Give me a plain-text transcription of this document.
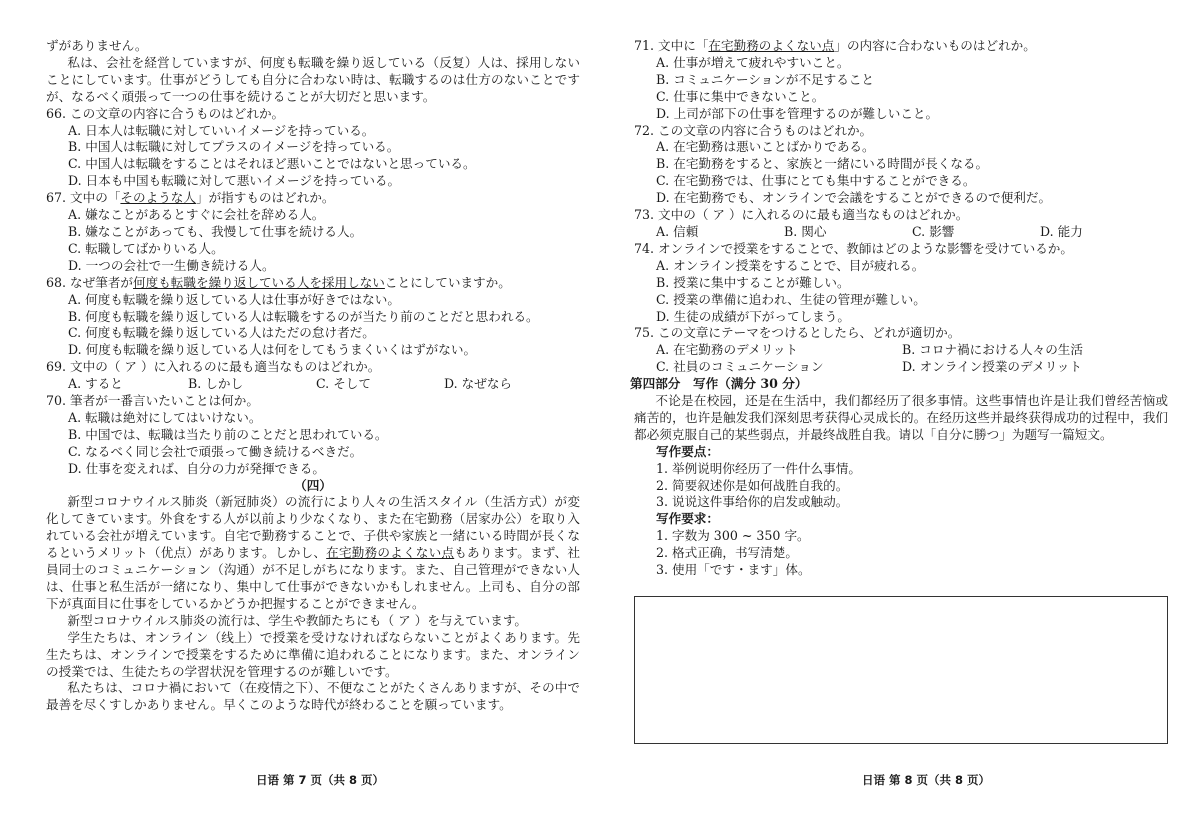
ずがありません。

私は、会社を経営していますが、何度も転職を繰り返している（反复）人は、採用しないことにしています。仕事がどうしても自分に合わない時は、転職するのは仕方のないことですが、なるべく頑張って一つの仕事を続けることが大切だと思います。

66. この文章の内容に合うものはどれか。

A. 日本人は転職に対していいイメージを持っている。

B. 中国人は転職に対してプラスのイメージを持っている。

C. 中国人は転職をすることはそれほど悪いことではないと思っている。

D. 日本も中国も転職に対して悪いイメージを持っている。

67. 文中の「そのような人」が指すものはどれか。

A. 嫌なことがあるとすぐに会社を辞める人。

B. 嫌なことがあっても、我慢して仕事を続ける人。

C. 転職してばかりいる人。

D. 一つの会社で一生働き続ける人。

68. なぜ筆者が何度も転職を繰り返している人を採用しないことにしていますか。

A. 何度も転職を繰り返している人は仕事が好きではない。

B. 何度も転職を繰り返している人は転職をするのが当たり前のことだと思われる。

C. 何度も転職を繰り返している人はただの怠け者だ。

D. 何度も転職を繰り返している人は何をしてもうまくいくはずがない。

69. 文中の（ ア ）に入れるのに最も適当なものはどれか。

A. すると	B. しかし	C. そして	D. なぜなら

70. 筆者が一番言いたいことは何か。

A. 転職は絶対にしてはいけない。

B. 中国では、転職は当たり前のことだと思われている。

C. なるべく同じ会社で頑張って働き続けるべきだ。

D. 仕事を変えれば、自分の力が発揮できる。

（四）

新型コロナウイルス肺炎（新冠肺炎）の流行により人々の生活スタイル（生活方式）が変化してきています。外食をする人が以前より少なくなり、また在宅勤務（居家办公）を取り入れている会社が増えています。自宅で勤務することで、子供や家族と一緒にいる時間が長くなるというメリット（优点）があります。しかし、在宅勤務のよくない点もあります。まず、社員同士のコミュニケーション（沟通）が不足しがちになります。また、自己管理ができない人は、仕事と私生活が一緒になり、集中して仕事ができないかもしれません。上司も、自分の部下が真面目に仕事をしているかどうか把握することができません。

新型コロナウイルス肺炎の流行は、学生や教師たちにも（ ア ）を与えています。

学生たちは、オンライン（线上）で授業を受けなければならないことがよくあります。先生たちは、オンラインで授業をするために準備に追われることになります。また、オンラインの授業では、生徒たちの学習状況を管理するのが難しいです。

私たちは、コロナ禍において（在疫情之下）、不便なことがたくさんありますが、その中で最善を尽くすしかありません。早くこのような時代が終わることを願っています。

71. 文中に「在宅勤務のよくない点」の内容に合わないものはどれか。

A. 仕事が増えて疲れやすいこと。

B. コミュニケーションが不足すること

C. 仕事に集中できないこと。

D. 上司が部下の仕事を管理するのが難しいこと。

72. この文章の内容に合うものはどれか。

A. 在宅勤務は悪いことばかりである。

B. 在宅勤務をすると、家族と一緒にいる時間が長くなる。

C. 在宅勤務では、仕事にとても集中することができる。

D. 在宅勤務でも、オンラインで会議をすることができるので便利だ。

73. 文中の（ ア ）に入れるのに最も適当なものはどれか。

A. 信頼	B. 関心	C. 影響	D. 能力

74. オンラインで授業をすることで、教師はどのような影響を受けているか。

A. オンライン授業をすることで、目が疲れる。

B. 授業に集中することが難しい。

C. 授業の準備に追われ、生徒の管理が難しい。

D. 生徒の成績が下がってしまう。

75. この文章にテーマをつけるとしたら、どれが適切か。

A. 在宅勤務のデメリット	B. コロナ禍における人々の生活
C. 社員のコミュニケーション	D. オンライン授業のデメリット

第四部分　写作（满分 30 分）

不论是在校园，还是在生活中，我们都经历了很多事情。这些事情也许是让我们曾经苦恼或痛苦的，也许是触发我们深刻思考获得心灵成长的。在经历这些并最终获得成功的过程中，我们都必须克服自己的某些弱点，并最终战胜自我。请以「自分に勝つ」为题写一篇短文。

写作要点：

1. 举例说明你经历了一件什么事情。

2. 简要叙述你是如何战胜自我的。

3. 说说这件事给你的启发或触动。

写作要求：

1. 字数为 300 ~ 350 字。

2. 格式正确，书写清楚。

3. 使用「です・ます」体。

日语 第 7 页（共 8 页）	日语 第 8 页（共 8 页）
